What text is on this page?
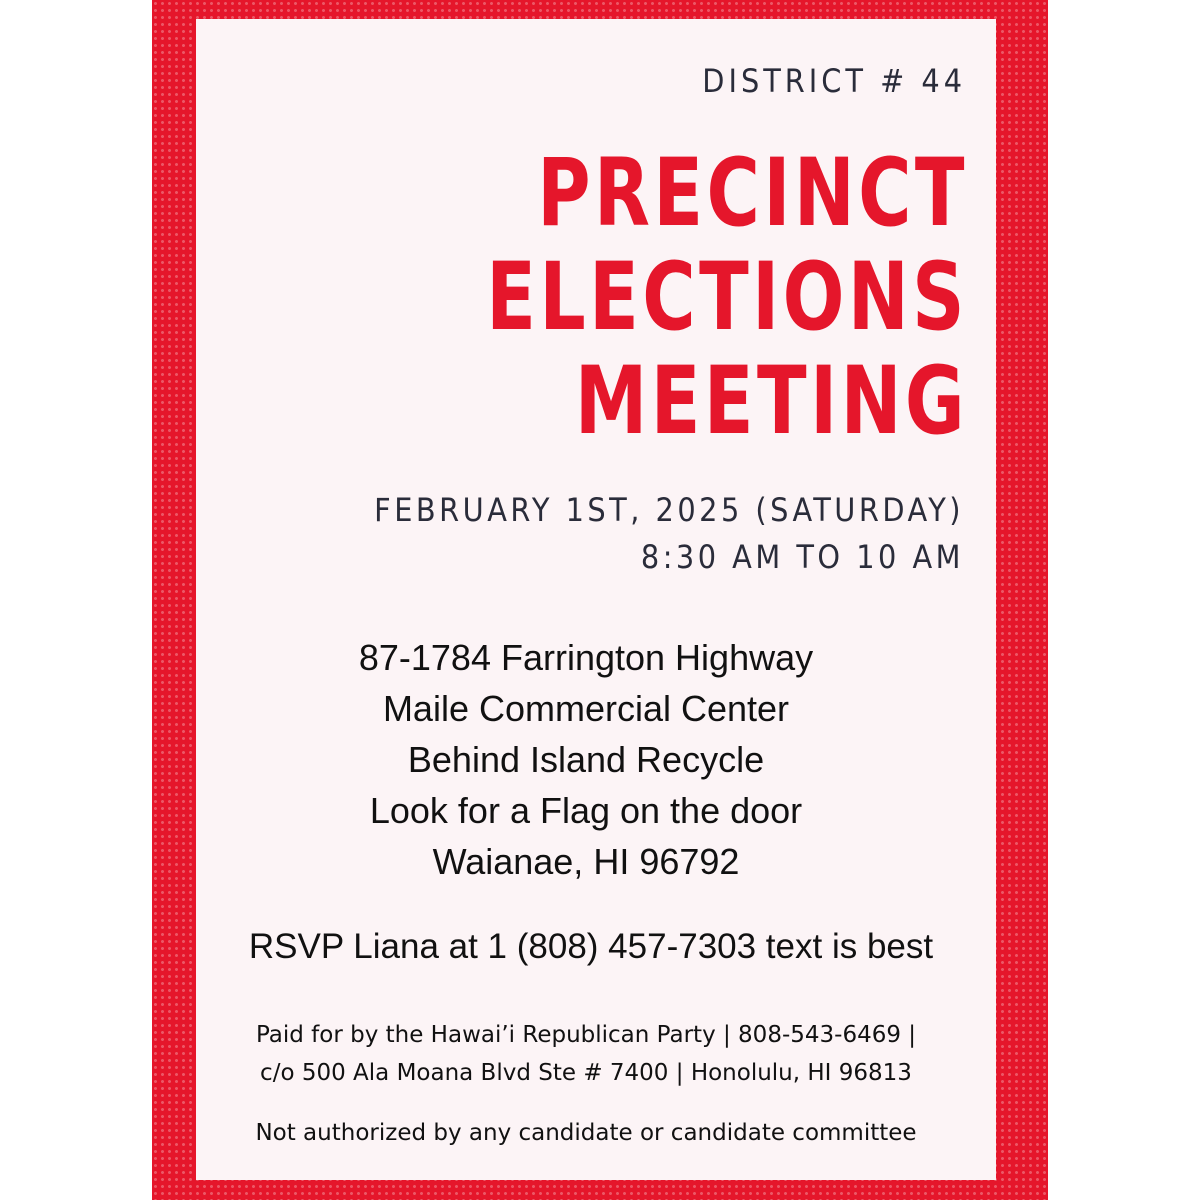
DISTRICT # 44
PRECINCT
ELECTIONS
MEETING
FEBRUARY 1ST, 2025 (SATURDAY)
8:30 AM TO 10 AM
87-1784 Farrington Highway
Maile Commercial Center
Behind Island Recycle
Look for a Flag on the door
Waianae, HI 96792
RSVP Liana at 1 (808) 457-7303 text is best
Paid for by the Hawai’i Republican Party | 808-543-6469 |
c/o 500 Ala Moana Blvd Ste # 7400 | Honolulu, HI 96813
Not authorized by any candidate or candidate committee
